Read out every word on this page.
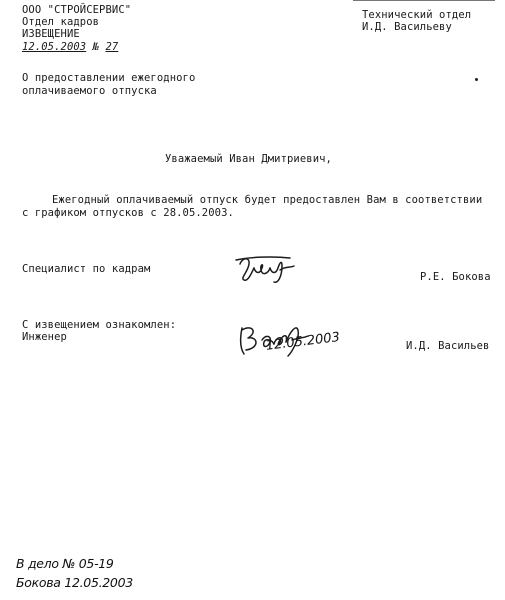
ООО "СТРОЙСЕРВИС"
Отдел кадров
ИЗВЕЩЕНИЕ
12.05.2003 № 27
Технический отдел
И.Д. Васильеву
О предоставлении ежегодного
оплачиваемого отпуска
Уважаемый Иван Дмитриевич,
Ежегодный оплачиваемый отпуск будет предоставлен Вам в соответствии
с графиком отпусков с 28.05.2003.
Специалист по кадрам
Р.Е. Бокова
С извещением ознакомлен:
Инженер	12.05.2003	И.Д. Васильев
В дело № 05-19
Бокова 12.05.2003
